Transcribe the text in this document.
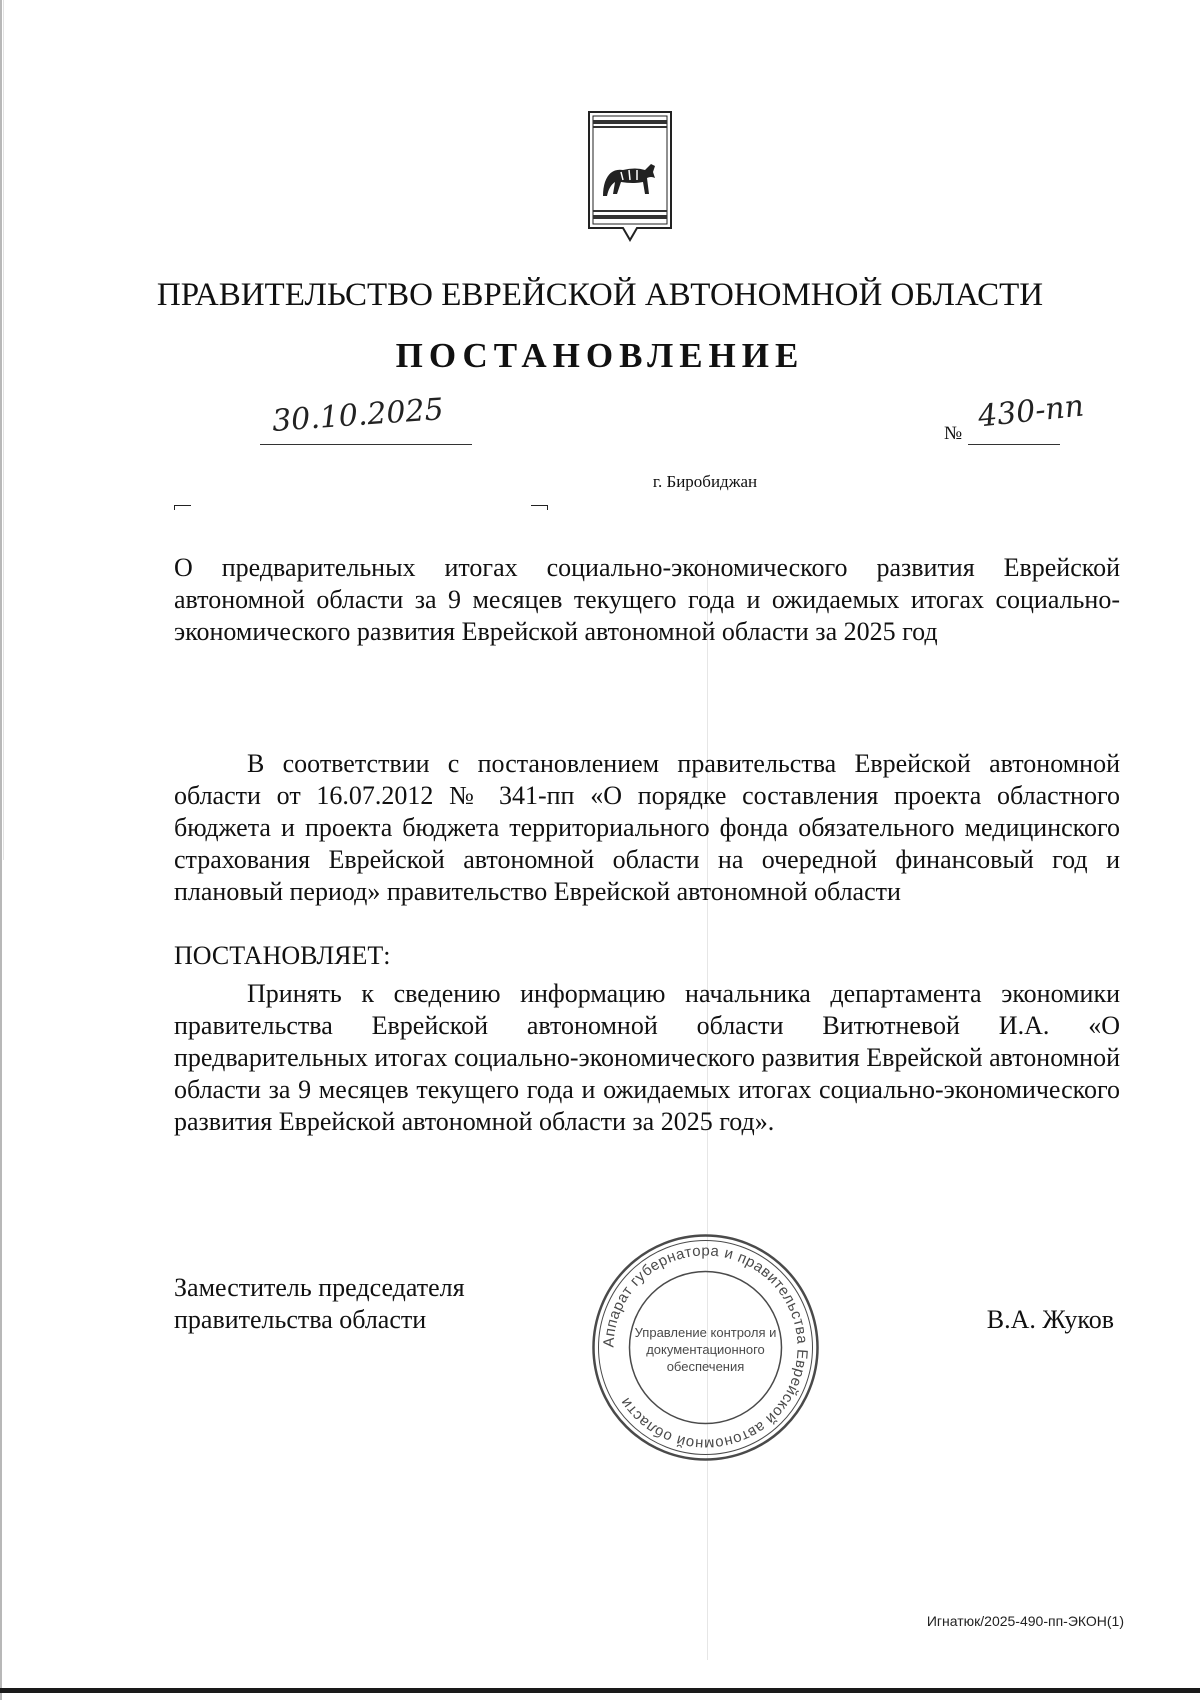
ПРАВИТЕЛЬСТВО ЕВРЕЙСКОЙ АВТОНОМНОЙ ОБЛАСТИ
ПОСТАНОВЛЕНИЕ
30.10.2025	№ 430-пп
г. Биробиджан
О предварительных итогах социально-экономического развития Еврейской автономной области за 9 месяцев текущего года и ожидаемых итогах социально-экономического развития Еврейской автономной области за 2025 год
В соответствии с постановлением правительства Еврейской автономной области от 16.07.2012 № 341-пп «О порядке составления проекта областного бюджета и проекта бюджета территориального фонда обязательного медицинского страхования Еврейской автономной области на очередной финансовый год и плановый период» правительство Еврейской автономной области
ПОСТАНОВЛЯЕТ:
Принять к сведению информацию начальника департамента экономики правительства Еврейской автономной области Витютневой И.А. «О предварительных итогах социально-экономического развития Еврейской автономной области за 9 месяцев текущего года и ожидаемых итогах социально-экономического развития Еврейской автономной области за 2025 год».
Заместитель председателя
правительства области	В.А. Жуков
Аппарат губернатора и правительства Еврейской автономной области
Управление контроля и
документационного
обеспечения
Игнатюк/2025-490-пп-ЭКОН(1)
